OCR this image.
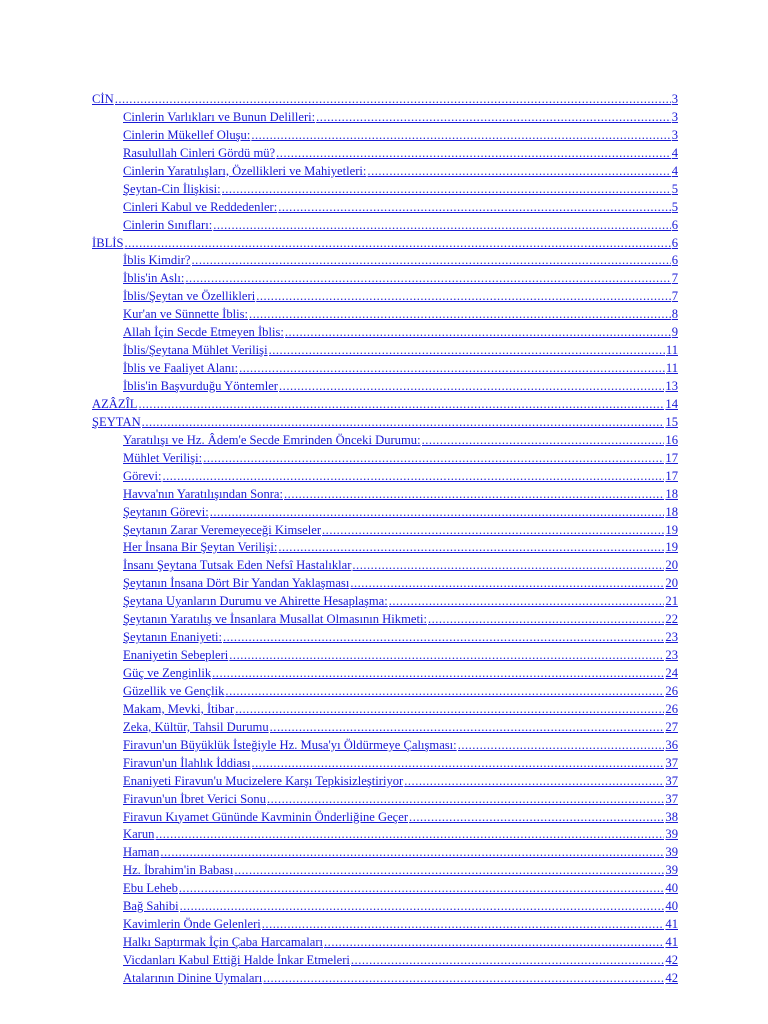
CİN .....	3
Cinlerin Varlıkları ve Bunun Delilleri: .....	3
Cinlerin Mükellef Oluşu: .....	3
Rasulullah Cinleri Gördü mü? .....	4
Cinlerin Yaratılışları, Özellikleri ve Mahiyetleri: .....	4
Şeytan-Cin İlişkisi: .....	5
Cinleri Kabul ve Reddedenler: .....	5
Cinlerin Sınıfları: .....	6
İBLİS .....	6
İblis Kimdir? .....	6
İblis'in Aslı: .....	7
İblis/Şeytan ve Özellikleri .....	7
Kur'an ve Sünnette İblis: .....	8
Allah İçin Secde Etmeyen İblis: .....	9
İblis/Şeytana Mühlet Verilişi .....	11
İblis ve Faaliyet Alanı: .....	11
İblis'in Başvurduğu Yöntemler .....	13
AZÂZÎL .....	14
ŞEYTAN .....	15
Yaratılışı ve Hz. Âdem'e Secde Emrinden Önceki Durumu: .....	16
Mühlet Verilişi: .....	17
Görevi: .....	17
Havva'nın Yaratılışından Sonra: .....	18
Şeytanın Görevi: .....	18
Şeytanın Zarar Veremeyeceği Kimseler .....	19
Her İnsana Bir Şeytan Verilişi: .....	19
İnsanı Şeytana Tutsak Eden Nefsî Hastalıklar .....	20
Şeytanın İnsana Dört Bir Yandan Yaklaşması .....	20
Şeytana Uyanların Durumu ve Ahirette Hesaplaşma: .....	21
Şeytanın Yaratılış ve İnsanlara Musallat Olmasının Hikmeti: .....	22
Şeytanın Enaniyeti: .....	23
Enaniyetin Sebepleri .....	23
Güç ve Zenginlik .....	24
Güzellik ve Gençlik .....	26
Makam, Mevki, İtibar .....	26
Zeka, Kültür, Tahsil Durumu .....	27
Firavun'un Büyüklük İsteğiyle Hz. Musa'yı Öldürmeye Çalışması: .....	36
Firavun'un İlahlık İddiası .....	37
Enaniyeti Firavun'u Mucizelere Karşı Tepkisizleştiriyor .....	37
Firavun'un İbret Verici Sonu .....	37
Firavun Kıyamet Gününde Kavminin Önderliğine Geçer .....	38
Karun .....	39
Haman .....	39
Hz. İbrahim'in Babası .....	39
Ebu Leheb .....	40
Bağ Sahibi .....	40
Kavimlerin Önde Gelenleri .....	41
Halkı Saptırmak İçin Çaba Harcamaları .....	41
Vicdanları Kabul Ettiği Halde İnkar Etmeleri .....	42
Atalarının Dinine Uymaları .....	42
